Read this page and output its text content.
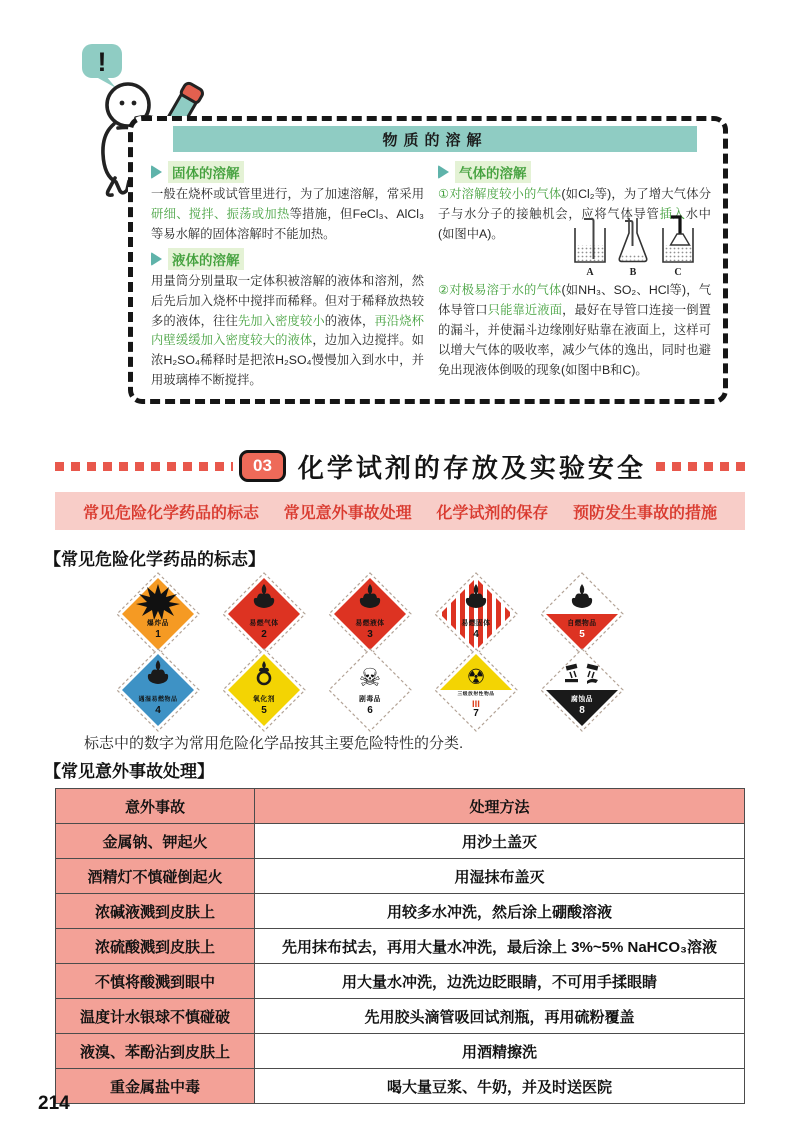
!
物质的溶解
固体的溶解
一般在烧杯或试管里进行，为了加速溶解，常采用研细、搅拌、振荡或加热等措施，但FeCl₃、AlCl₃等易水解的固体溶解时不能加热。
液体的溶解
用量筒分别量取一定体积被溶解的液体和溶剂，然后先后加入烧杯中搅拌而稀释。但对于稀释放热较多的液体，往往先加入密度较小的液体，再沿烧杯内壁缓缓加入密度较大的液体，边加入边搅拌。如浓H₂SO₄稀释时是把浓H₂SO₄慢慢加入到水中，并用玻璃棒不断搅拌。
气体的溶解
A	B	C
①对溶解度较小的气体(如Cl₂等)，为了增大气体分子与水分子的接触机会，应将气体导管插入水中(如图中A)。
②对极易溶于水的气体(如NH₃、SO₂、HCl等)，气体导管口只能靠近液面，最好在导管口连接一倒置的漏斗，并使漏斗边缘刚好贴靠在液面上，这样可以增大气体的吸收率，减少气体的逸出，同时也避免出现液体倒吸的现象(如图中B和C)。
03	化学试剂的存放及实验安全
常见危险化学药品的标志 常见意外事故处理 化学试剂的保存 预防发生事故的措施
【常见危险化学药品的标志】
爆炸品
1
易燃气体
2
易燃液体
3
易燃固体
4
自燃物品
5
遇湿易燃物品
4
氧化剂
5
☠
剧毒品
6
☢
III
三级放射性物品
7
腐蚀品
8
标志中的数字为常用危险化学品按其主要危险特性的分类.
【常见意外事故处理】
意外事故	处理方法
金属钠、钾起火	用沙土盖灭
酒精灯不慎碰倒起火	用湿抹布盖灭
浓碱液溅到皮肤上	用较多水冲洗，然后涂上硼酸溶液
浓硫酸溅到皮肤上	先用抹布拭去，再用大量水冲洗，最后涂上 3%~5% NaHCO₃溶液
不慎将酸溅到眼中	用大量水冲洗，边洗边眨眼睛，不可用手揉眼睛
温度计水银球不慎碰破	先用胶头滴管吸回试剂瓶，再用硫粉覆盖
液溴、苯酚沾到皮肤上	用酒精擦洗
重金属盐中毒	喝大量豆浆、牛奶，并及时送医院
214
